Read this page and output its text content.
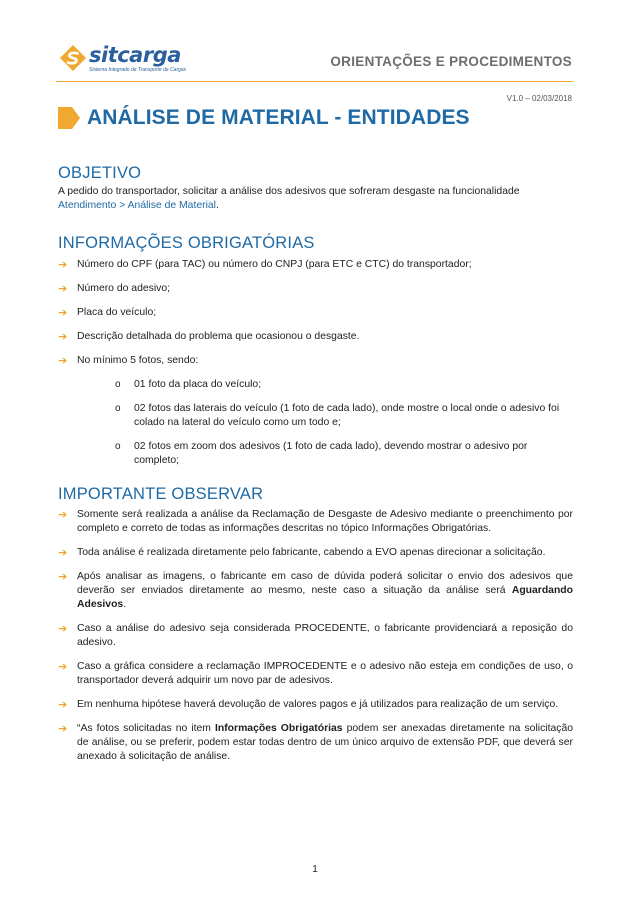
sitcarga
Sistema Integrado de Transporte de Cargas
ORIENTAÇÕES E PROCEDIMENTOS
V1.0 – 02/03/2018
ANÁLISE DE MATERIAL - ENTIDADES
OBJETIVO

A pedido do transportador, solicitar a análise dos adesivos que sofreram desgaste na funcionalidade Atendimento > Análise de Material.

INFORMAÇÕES OBRIGATÓRIAS
➔ Número do CPF (para TAC) ou número do CNPJ (para ETC e CTC) do transportador;
➔ Número do adesivo;
➔ Placa do veículo;
➔ Descrição detalhada do problema que ocasionou o desgaste.
➔ No mínimo 5 fotos, sendo:
o 01 foto da placa do veículo;
o 02 fotos das laterais do veículo (1 foto de cada lado), onde mostre o local onde o adesivo foi colado na lateral do veículo como um todo e;
o 02 fotos em zoom dos adesivos (1 foto de cada lado), devendo mostrar o adesivo por completo;
IMPORTANTE OBSERVAR
➔ Somente será realizada a análise da Reclamação de Desgaste de Adesivo mediante o preenchimento por completo e correto de todas as informações descritas no tópico Informações Obrigatórias.
➔ Toda análise é realizada diretamente pelo fabricante, cabendo a EVO apenas direcionar a solicitação.
➔ Após analisar as imagens, o fabricante em caso de dúvida poderá solicitar o envio dos adesivos que deverão ser enviados diretamente ao mesmo, neste caso a situação da análise será Aguardando Adesivos.
➔ Caso a análise do adesivo seja considerada PROCEDENTE, o fabricante providenciará a reposição do adesivo.
➔ Caso a gráfica considere a reclamação IMPROCEDENTE e o adesivo não esteja em condições de uso, o transportador deverá adquirir um novo par de adesivos.
➔ Em nenhuma hipótese haverá devolução de valores pagos e já utilizados para realização de um serviço.
➔ “As fotos solicitadas no item Informações Obrigatórias podem ser anexadas diretamente na solicitação de análise, ou se preferir, podem estar todas dentro de um único arquivo de extensão PDF, que deverá ser anexado à solicitação de análise.
1
